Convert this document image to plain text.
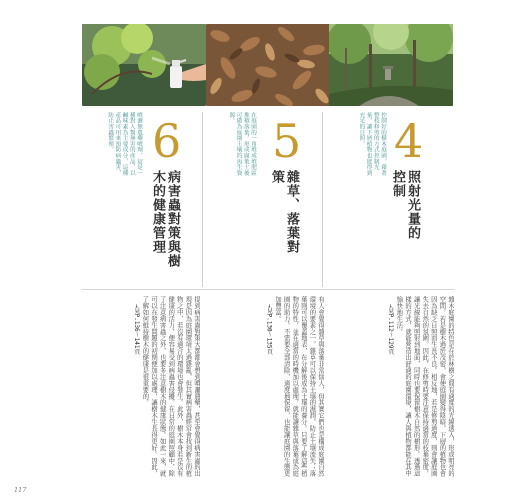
噴灑無農藥噴劑，這是一種對人類無害的產品，以鹹味素為主要成分，這種產品可用來預防病蟲害，防止害蟲繁殖。	在庭園的一角堆成堆肥區堆積落葉，形成腐葉土後可做為庭園土壤的再生資源。	控制好的樹木庭園，藉著整枝修剪的方式控制光量，讓下層植物也能得到充足的日照。
6 5 4
病害蟲對策與樹木的健康管理	雜草、落葉對策	照射光量的控制

雜木庭園的特色是在於林樹之間有適度的光線透入，形成明亮的空間。若是樹木過於茂密，會使庭園變得陰暗，下層的植物也會因為缺乏日照而生長不良。相反地，若是修剪過度，則會讓庭園失去自然的氛圍。因此，在修剪時要注意保持適當的枝葉密度，讓光線能夠照射到地面，同時也要保留樹木自然的樹形。透過這樣的方式，就能營造出舒適的庭園環境，讓人與植物都能在其中愉快地生活。

→見P.112～129頁

有人會覺得雜草與落葉非常惱人，但其實它們也是構成庭園自然環境的要素之一。雜草可以保持土壤的濕潤，防止土壤流失；落葉則可以覆蓋地表，在分解後成為土壤的養分。只要了解這些植物的特性，並在適當的時機加以處理，就能讓雜草與落葉成為庭園的助力。不需要全部清除，適度地保留，也能讓庭園的生態更加豐富。

→見P.130～135頁

提到病害蟲對策大都都會想到噴灑農藥，甚至會覺得病害蟲的出現是因為庭園環境太過雜亂，但其實病害蟲經常會找到新生的植物之中，若沒有適合的環境也會發生。此外，樹木本身若是沒有健康的活力，便容易受到病蟲害侵擾。在日常的庭園照顧中，除了注意病害蟲之外，也要多注意樹木的健康狀態。如此一來，就可以在發生問題的初期便加以處理，讓樹木生長得更好。因此，了解如何維持樹木的健康是很重要的。

→見P.136～141頁
117
